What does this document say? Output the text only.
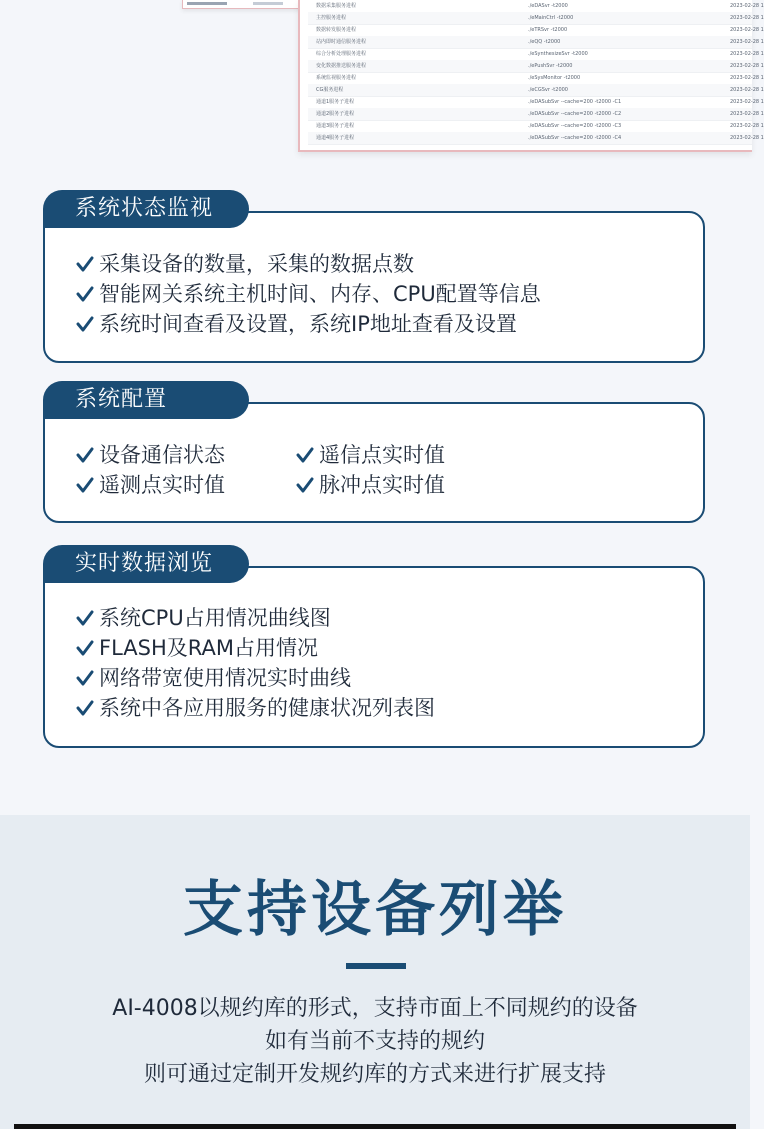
数据采集服务进程	./eDASvr -t2000	2023-02-28 1
主控服务进程	./eMainCtrl -t2000	2023-02-28 1
数据转发服务进程	./eTRSvr -t2000	2023-02-28 1
站内即时通信服务进程	./eQQ -t2000	2023-02-28 1
综合分析处理服务进程	./eSynthesizeSvr -t2000	2023-02-28 1
变化数据推送服务进程	./ePushSvr -t2000	2023-02-28 1
系统监视服务进程	./eSysMonitor -t2000	2023-02-28 1
CG服务进程	./eCGSvr -t2000	2023-02-28 1
通道1服务子进程	./eDASubSvr --cache=200 -t2000 -C1	2023-02-28 1
通道2服务子进程	./eDASubSvr --cache=200 -t2000 -C2	2023-02-28 1
通道3服务子进程	./eDASubSvr --cache=200 -t2000 -C3	2023-02-28 1
通道4服务子进程	./eDASubSvr --cache=200 -t2000 -C4	2023-02-28 1
系统状态监视
采集设备的数量，采集的数据点数
智能网关系统主机时间、内存、CPU配置等信息
系统时间查看及设置，系统IP地址查看及设置
系统配置
设备通信状态	遥信点实时值
遥测点实时值	脉冲点实时值
实时数据浏览
系统CPU占用情况曲线图
FLASH及RAM占用情况
网络带宽使用情况实时曲线
系统中各应用服务的健康状况列表图
支持设备列举
AI-4008以规约库的形式，支持市面上不同规约的设备
如有当前不支持的规约
则可通过定制开发规约库的方式来进行扩展支持
